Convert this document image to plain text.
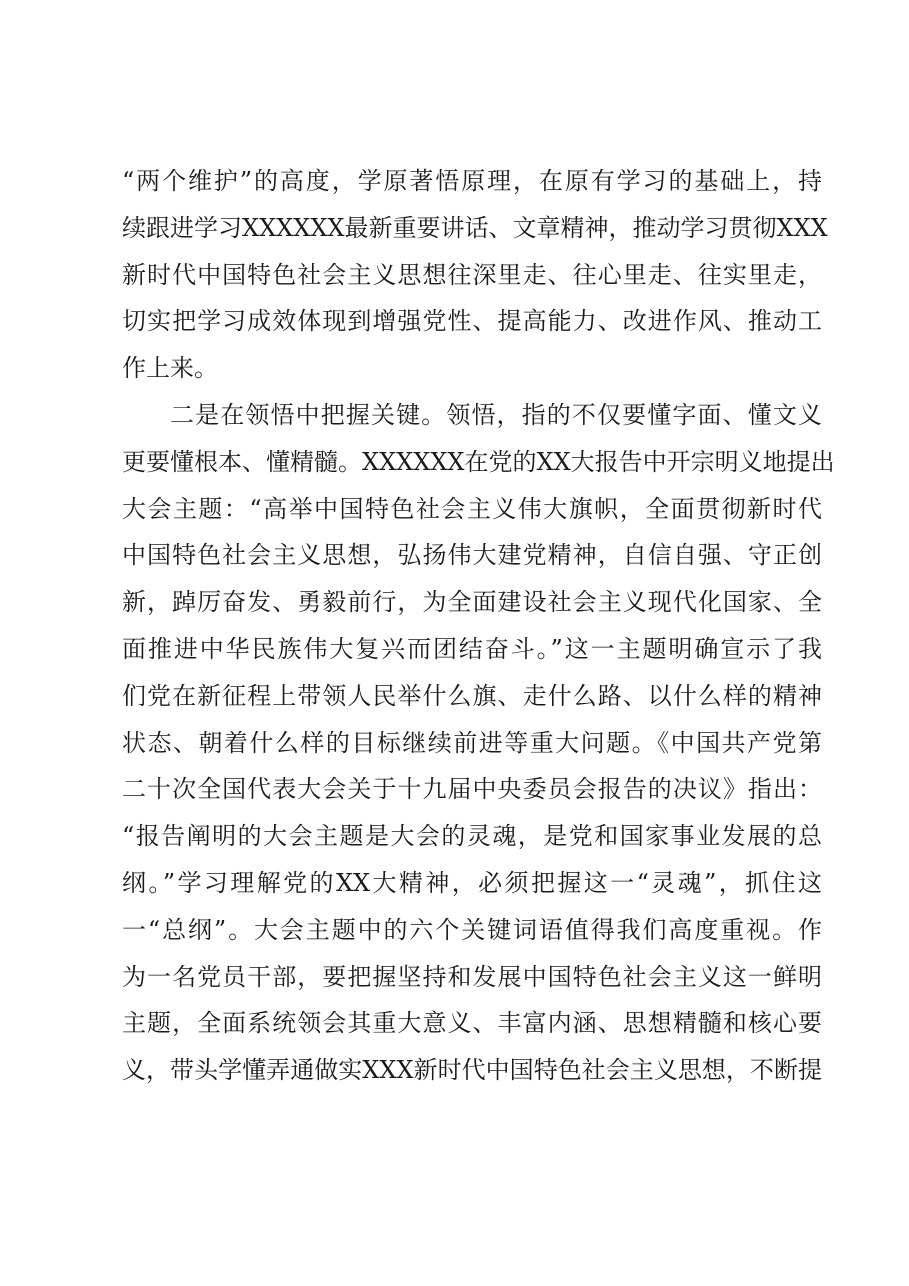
“两个维护”的高度，学原著悟原理，在原有学习的基础上，持
续跟进学习XXXXXX最新重要讲话、文章精神，推动学习贯彻XXX
新时代中国特色社会主义思想往深里走、往心里走、往实里走，
切实把学习成效体现到增强党性、提高能力、改进作风、推动工
作上来。
二是在领悟中把握关键。领悟，指的不仅要懂字面、懂文义
更要懂根本、懂精髓。XXXXXX在党的XX大报告中开宗明义地提出
大会主题：“高举中国特色社会主义伟大旗帜，全面贯彻新时代
中国特色社会主义思想，弘扬伟大建党精神，自信自强、守正创
新，踔厉奋发、勇毅前行，为全面建设社会主义现代化国家、全
面推进中华民族伟大复兴而团结奋斗。”这一主题明确宣示了我
们党在新征程上带领人民举什么旗、走什么路、以什么样的精神
状态、朝着什么样的目标继续前进等重大问题。《中国共产党第
二十次全国代表大会关于十九届中央委员会报告的决议》指出：
“报告阐明的大会主题是大会的灵魂，是党和国家事业发展的总
纲。”学习理解党的XX大精神，必须把握这一“灵魂”，抓住这
一“总纲”。大会主题中的六个关键词语值得我们高度重视。作
为一名党员干部，要把握坚持和发展中国特色社会主义这一鲜明
主题，全面系统领会其重大意义、丰富内涵、思想精髓和核心要
义，带头学懂弄通做实XXX新时代中国特色社会主义思想，不断提
